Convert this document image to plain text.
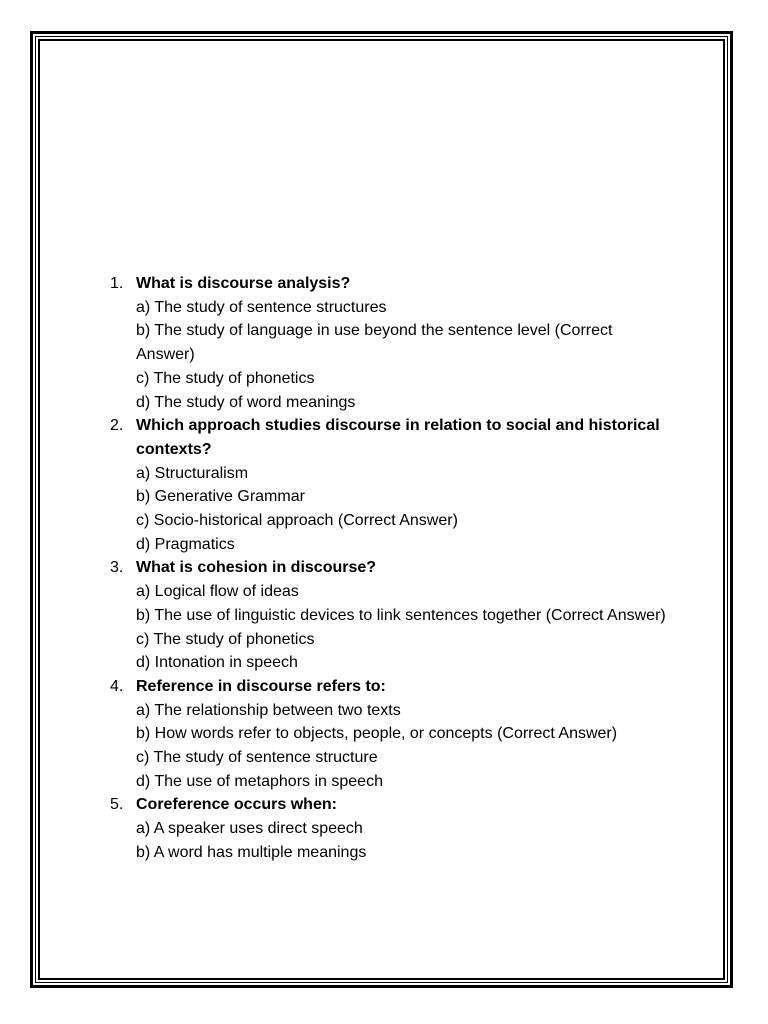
1. What is discourse analysis?
a) The study of sentence structures
b) The study of language in use beyond the sentence level (Correct Answer)
c) The study of phonetics
d) The study of word meanings
2. Which approach studies discourse in relation to social and historical contexts?
a) Structuralism
b) Generative Grammar
c) Socio-historical approach (Correct Answer)
d) Pragmatics
3. What is cohesion in discourse?
a) Logical flow of ideas
b) The use of linguistic devices to link sentences together (Correct Answer)
c) The study of phonetics
d) Intonation in speech
4. Reference in discourse refers to:
a) The relationship between two texts
b) How words refer to objects, people, or concepts (Correct Answer)
c) The study of sentence structure
d) The use of metaphors in speech
5. Coreference occurs when:
a) A speaker uses direct speech
b) A word has multiple meanings
